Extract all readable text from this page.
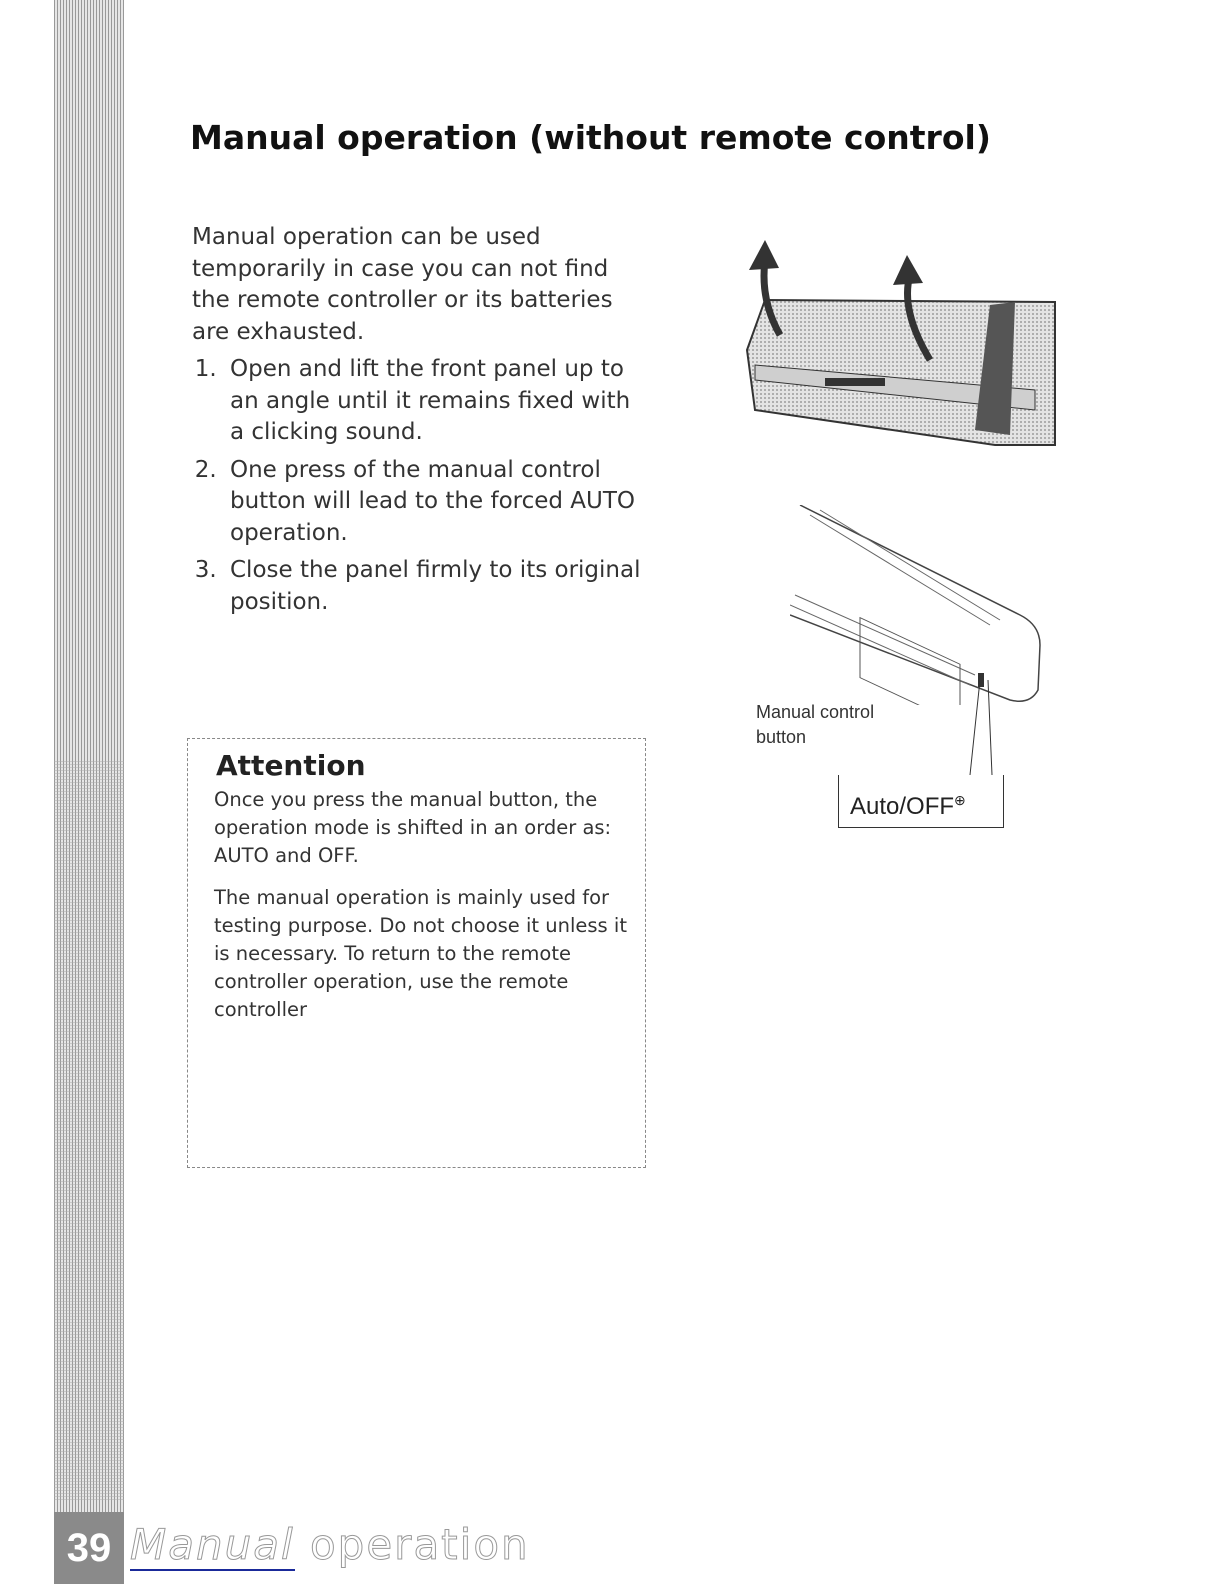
Manual operation (without remote control)
Manual operation can be used temporarily in case you can not find the remote controller or its batteries are exhausted.
1. Open and lift the front panel up to an angle until it remains fixed with a clicking sound.
2. One press of the manual control button will lead to the forced AUTO operation.
3. Close the panel firmly to its original position.
Attention

Once you press the manual button, the operation mode is shifted in an order as: AUTO and OFF.

The manual operation is mainly used for testing purpose. Do not choose it unless it is necessary. To return to the remote controller operation, use the remote controller

Manual control button
Auto/OFF⊕
39 Manual operation
